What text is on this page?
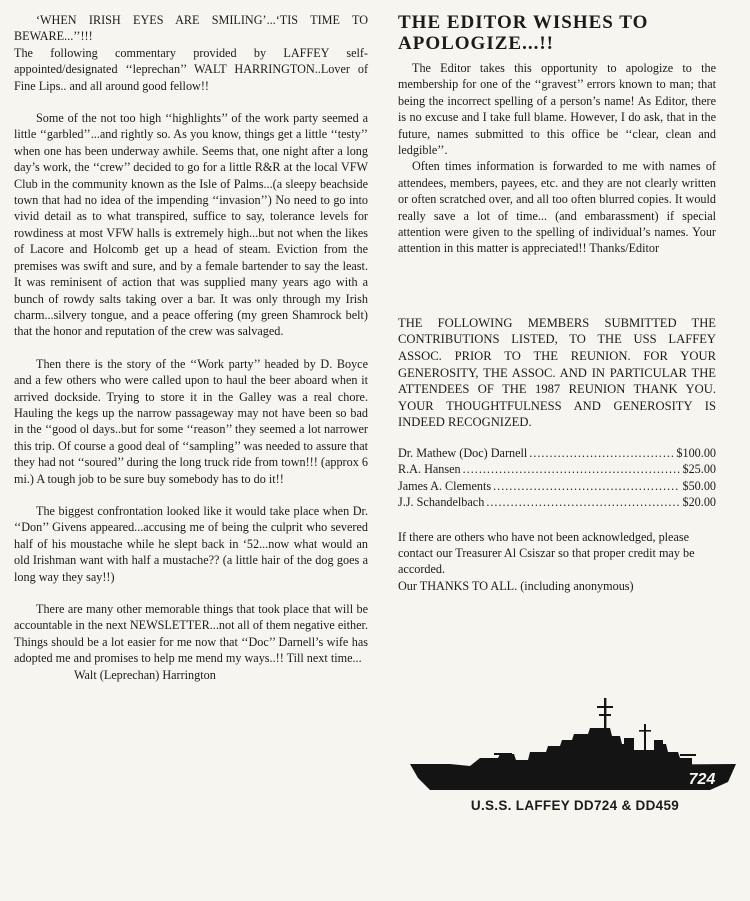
‘WHEN IRISH EYES ARE SMILING’...‘TIS TIME TO BEWARE...’’!!!
The following commentary provided by LAFFEY self-appointed/designated ‘‘leprechan’’ WALT HARRINGTON..Lover of Fine Lips.. and all around good fellow!!

Some of the not too high ‘‘highlights’’ of the work party seemed a little ‘‘garbled’’...and rightly so. As you know, things get a little ‘‘testy’’ when one has been underway awhile. Seems that, one night after a long day’s work, the ‘‘crew’’ decided to go for a little R&R at the local VFW Club in the community known as the Isle of Palms...(a sleepy beachside town that had no idea of the impending ‘‘invasion’’) No need to go into vivid detail as to what transpired, suffice to say, tolerance levels for rowdiness at most VFW halls is extremely high...but not when the likes of Lacore and Holcomb get up a head of steam. Eviction from the premises was swift and sure, and by a female bartender to say the least. It was reminisent of action that was supplied many years ago with a bunch of rowdy salts taking over a bar. It was only through my Irish charm...silvery tongue, and a peace offering (my green Shamrock belt) that the honor and reputation of the crew was salvaged.

Then there is the story of the ‘‘Work party’’ headed by D. Boyce and a few others who were called upon to haul the beer aboard when it arrived dockside. Trying to store it in the Galley was a real chore. Hauling the kegs up the narrow passageway may not have been so bad in the ‘‘good ol days..but for some ‘‘reason’’ they seemed a lot narrower this trip. Of course a good deal of ‘‘sampling’’ was needed to assure that they had not ‘‘soured’’ during the long truck ride from town!!! (approx 6 mi.) A tough job to be sure buy somebody has to do it!!

The biggest confrontation looked like it would take place when Dr. ‘‘Don’’ Givens appeared...accusing me of being the culprit who severed half of his moustache while he slept back in ‘52...now what would an old Irishman want with half a mustache?? (a little hair of the dog goes a long way they say!!)

There are many other memorable things that took place that will be accountable in the next NEWSLETTER...not all of them negative either. Things should be a lot easier for me now that ‘‘Doc’’ Darnell’s wife has adopted me and promises to help me mend my ways..!! Till next time...

Walt (Leprechan) Harrington

THE EDITOR WISHES TO APOLOGIZE...!!

The Editor takes this opportunity to apologize to the membership for one of the ‘‘gravest’’ errors known to man; that being the incorrect spelling of a person’s name! As Editor, there is no excuse and I take full blame. However, I do ask, that in the future, names submitted to this office be ‘‘clear, clean and ledgible’’.

Often times information is forwarded to me with names of attendees, members, payees, etc. and they are not clearly written or often scratched over, and all too often blurred copies. It would really save a lot of time... (and embarassment) if special attention were given to the spelling of individual’s names. Your attention in this matter is appreciated!! Thanks/Editor

THE FOLLOWING MEMBERS SUBMITTED THE CONTRIBUTIONS LISTED, TO THE USS LAFFEY ASSOC. PRIOR TO THE REUNION. FOR YOUR GENEROSITY, THE ASSOC. AND IN PARTICULAR THE ATTENDEES OF THE 1987 REUNION THANK YOU. YOUR THOUGHTFULNESS AND GENEROSITY IS INDEED RECOGNIZED.
Dr. Mathew (Doc) Darnell .....	$100.00
R.A. Hansen .....	$25.00
James A. Clements .....	$50.00
J.J. Schandelbach .....	$20.00

If there are others who have not been acknowledged, please contact our Treasurer Al Csiszar so that proper credit may be accorded.

Our THANKS TO ALL. (including anonymous)

724
U.S.S. LAFFEY DD724 & DD459
